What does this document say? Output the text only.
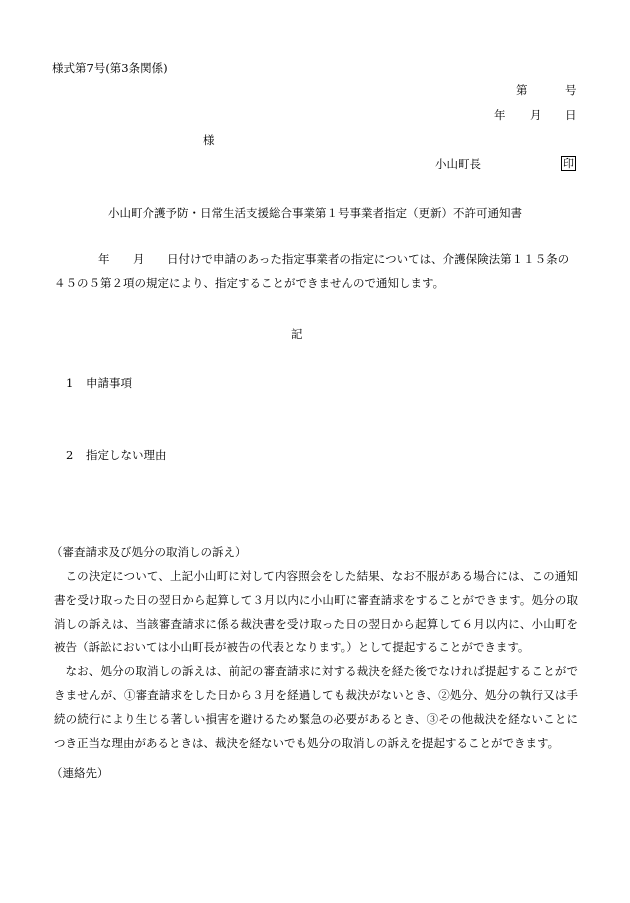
様式第7号(第3条関係)
第	号
年 月 日
様
小山町長	印
小山町介護予防・日常生活支援総合事業第１号事業者指定（更新）不許可通知書
年 月 日付けで申請のあった指定事業者の指定については、介護保険法第１１５条の
４５の５第２項の規定により、指定することができませんので通知します。
記
1 申請事項
2 指定しない理由
（審査請求及び処分の取消しの訴え）

この決定について、上記小山町に対して内容照会をした結果、なお不服がある場合には、この通知書を受け取った日の翌日から起算して３月以内に小山町に審査請求をすることができます。処分の取消しの訴えは、当該審査請求に係る裁決書を受け取った日の翌日から起算して６月以内に、小山町を被告（訴訟においては小山町長が被告の代表となります。）として提起することができます。

なお、処分の取消しの訴えは、前記の審査請求に対する裁決を経た後でなければ提起することができませんが、①審査請求をした日から３月を経過しても裁決がないとき、②処分、処分の執行又は手続の続行により生じる著しい損害を避けるため緊急の必要があるとき、③その他裁決を経ないことにつき正当な理由があるときは、裁決を経ないでも処分の取消しの訴えを提起することができます。

（連絡先）
